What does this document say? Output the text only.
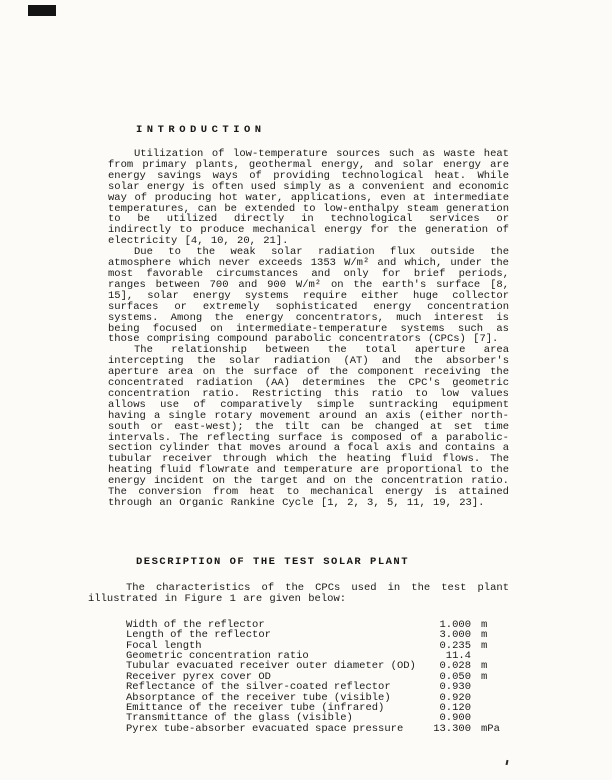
INTRODUCTION

Utilization of low-temperature sources such as waste heat from primary plants, geothermal energy, and solar energy are energy savings ways of providing technological heat. While solar energy is often used simply as a convenient and economic way of producing hot water, applications, even at intermediate temperatures, can be extended to low-enthalpy steam generation to be utilized directly in technological services or indirectly to produce mechanical energy for the generation of electricity [4, 10, 20, 21].

Due to the weak solar radiation flux outside the atmosphere which never exceeds 1353 W/m² and which, under the most favorable circumstances and only for brief periods, ranges between 700 and 900 W/m² on the earth's surface [8, 15], solar energy systems require either huge collector surfaces or extremely sophisticated energy concentration systems. Among the energy concentrators, much interest is being focused on intermediate-temperature systems such as those comprising compound parabolic concentrators (CPCs) [7].

The relationship between the total aperture area intercepting the solar radiation (AT) and the absorber's aperture area on the surface of the component receiving the concentrated radiation (AA) determines the CPC's geometric concentration ratio. Restricting this ratio to low values allows use of comparatively simple suntracking equipment having a single rotary movement around an axis (either north-south or east-west); the tilt can be changed at set time intervals. The reflecting surface is composed of a parabolic-section cylinder that moves around a focal axis and contains a tubular receiver through which the heating fluid flows. The heating fluid flowrate and temperature are proportional to the energy incident on the target and on the concentration ratio. The conversion from heat to mechanical energy is attained through an Organic Rankine Cycle [1, 2, 3, 5, 11, 19, 23].

DESCRIPTION OF THE TEST SOLAR PLANT

The characteristics of the CPCs used in the test plant illustrated in Figure 1 are given below:

Width of the reflector	1.000 m
Length of the reflector	3.000 m
Focal length	0.235 m
Geometric concentration ratio	11.4
Tubular evacuated receiver outer diameter (OD)	0.028 m
Receiver pyrex cover OD	0.050 m
Reflectance of the silver-coated reflector	0.930
Absorptance of the receiver tube (visible)	0.920
Emittance of the receiver tube (infrared)	0.120
Transmittance of the glass (visible)	0.900
Pyrex tube-absorber evacuated space pressure	13.300 mPa
